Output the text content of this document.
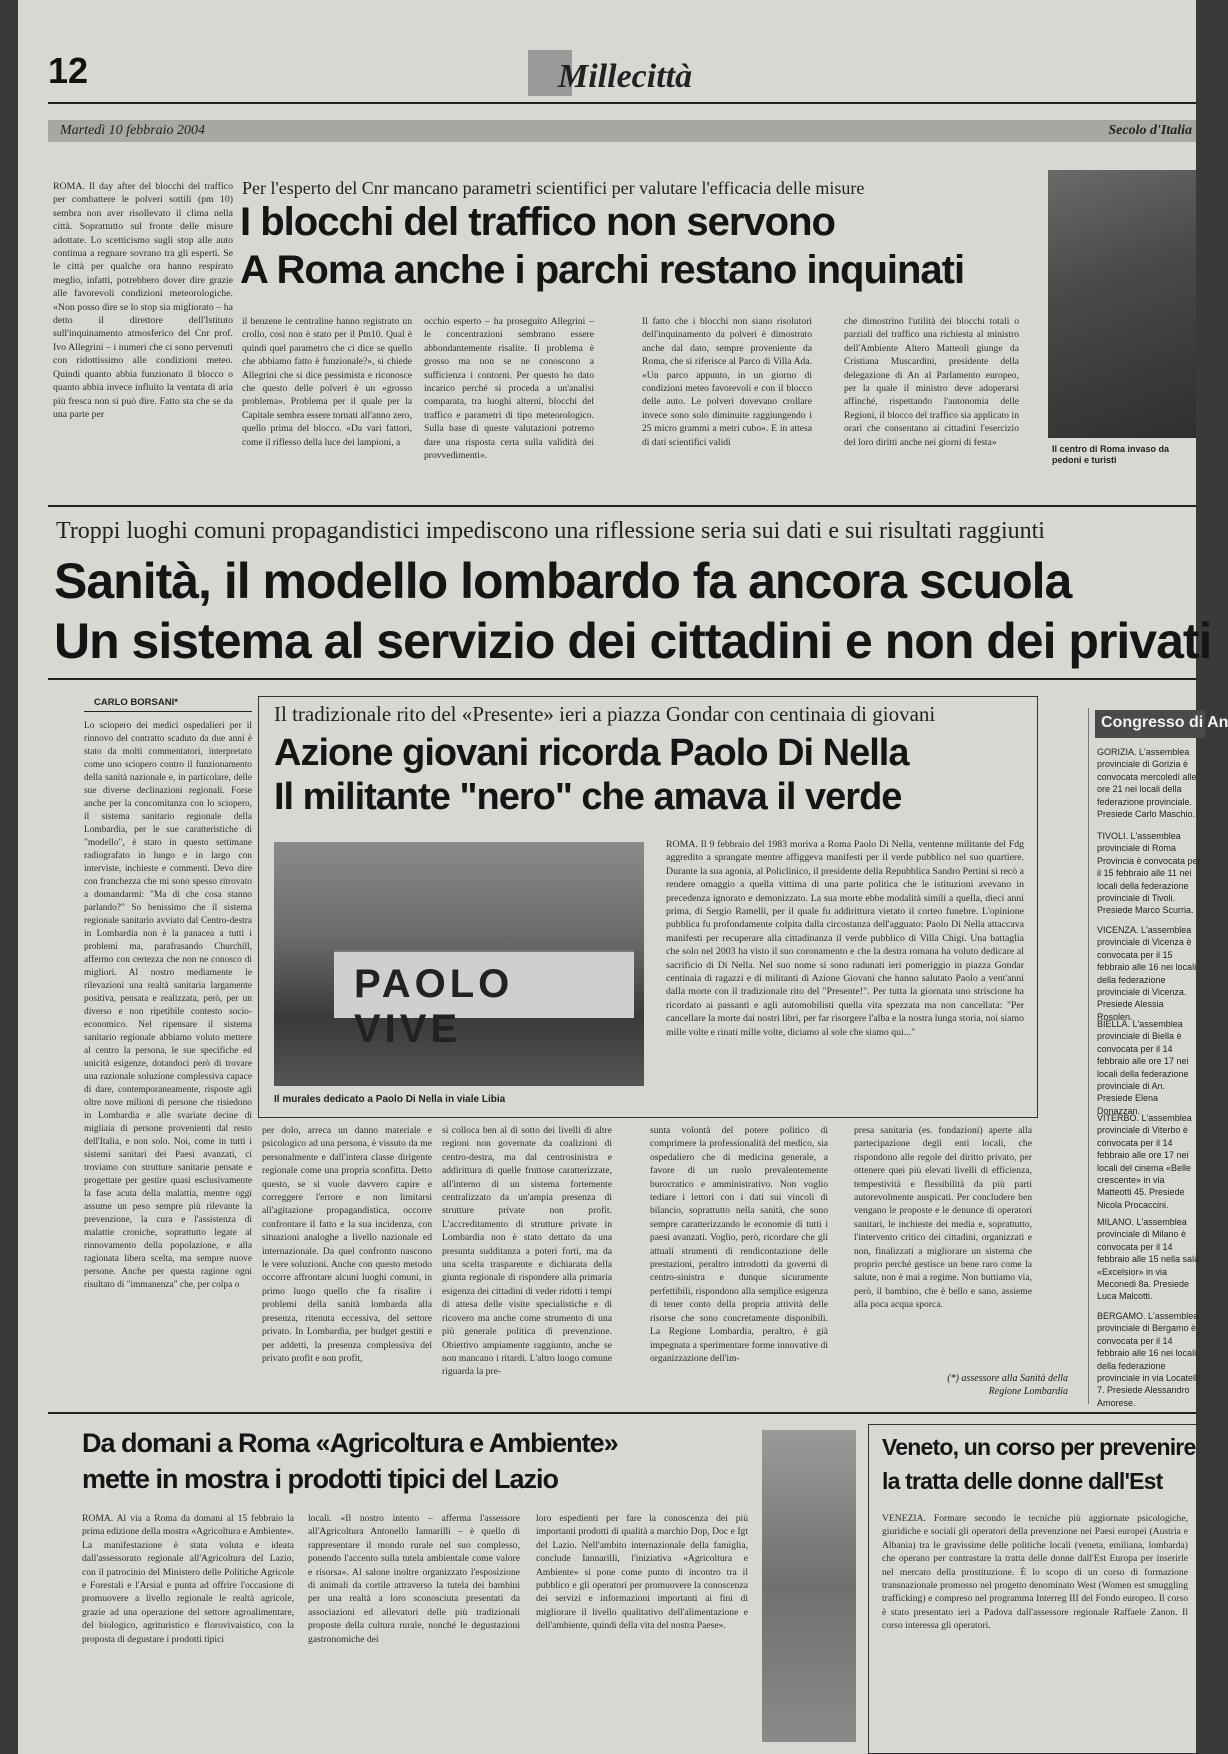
12	Millecittà
Martedì 10 febbraio 2004	Secolo d'Italia
ROMA. Il day after del blocchi del traffico per combattere le polveri sottili (pm 10) sembra non aver risollevato il clima nella città. Soprattutto sul fronte delle misure adottate. Lo scetticismo sugli stop alle auto continua a regnare sovrano tra gli esperti. Se le città per qualche ora hanno respirato meglio, infatti, potrebbero dover dire grazie alle favorevoli condizioni meteorologiche. «Non posso dire se lo stop sia migliorato – ha detto il direttore dell'Istituto sull'inquinamento atmosferico del Cnr prof. Ivo Allegrini – i numeri che ci sono pervenuti con ridottissimo alle condizioni meteo. Quindi quanto abbia funzionato il blocco o quanto abbia invece influito la ventata di aria più fresca non si può dire. Fatto sta che se da una parte per
Per l'esperto del Cnr mancano parametri scientifici per valutare l'efficacia delle misure
I blocchi del traffico non servono
A Roma anche i parchi restano inquinati
il benzene le centraline hanno registrato un crollo, così non è stato per il Pm10. Qual è quindi quel parametro che ci dice se quello che abbiamo fatto è funzionale?», si chiede Allegrini che si dice pessimista e riconosce che questo delle polveri è un «grosso problema». Problema per il quale per la Capitale sembra essere tornati all'anno zero, quello prima del blocco. «Da vari fattori, come il riflesso della luce dei lampioni, a
occhio esperto – ha proseguito Allegrini – le concentrazioni sembrano essere abbondantemente risalite. Il problema è grosso ma non se ne conoscono a sufficienza i contorni. Per questo ho dato incarico perché si proceda a un'analisi comparata, tra luoghi alterni, blocchi del traffico e parametri di tipo meteorologico. Sulla base di queste valutazioni potremo dare una risposta certa sulla validità dei provvedimenti».
Il fatto che i blocchi non siano risolutori dell'inquinamento da polveri è dimostrato anche dal dato, sempre proveniente da Roma, che si riferisce al Parco di Villa Ada. «Un parco appunto, in un giorno di condizioni meteo favorevoli e con il blocco delle auto. Le polveri dovevano crollare invece sono solo diminuite raggiungendo i 25 micro grammi a metri cubo». E in attesa di dati scientifici validi
che dimostrino l'utilità dei blocchi totali o parziali del traffico una richiesta al ministro dell'Ambiente Altero Matteoli giunge da Cristiana Muscardini, presidente della delegazione di An al Parlamento europeo, per la quale il ministro deve adoperarsi affinché, rispettando l'autonomia delle Regioni, il blocco del traffico sia applicato in orari che consentano ai cittadini l'esercizio del loro diritti anche nei giorni di festa»
Il centro di Roma invaso da pedoni e turisti
Troppi luoghi comuni propagandistici impediscono una riflessione seria sui dati e sui risultati raggiunti
Sanità, il modello lombardo fa ancora scuola
Un sistema al servizio dei cittadini e non dei privati
CARLO BORSANI*
Lo sciopero dei medici ospedalieri per il rinnovo del contratto scaduto da due anni è stato da molti commentatori, interpretato come uno sciopero contro il funzionamento della sanità nazionale e, in particolare, delle sue diverse declinazioni regionali. Forse anche per la concomitanza con lo sciopero, il sistema sanitario regionale della Lombardia, per le sue caratteristiche di "modello", è stato in questo settimane radiografato in lungo e in largo con interviste, inchieste e commenti. Devo dire con franchezza che mi sono spesso ritrovato a domandarmi: "Ma di che cosa stanno parlando?" So benissimo che il sistema regionale sanitario avviato dal Centro-destra in Lombardia non è la panacea a tutti i problemi ma, parafrasando Churchill, affermo con certezza che non ne conosco di migliori. Al nostro mediamente le rilevazioni una realtà sanitaria largamente positiva, pensata e realizzata, però, per un diverso e non ripetibile contesto socio-economico. Nel ripensare il sistema sanitario regionale abbiamo voluto mettere al centro la persona, le sue specifiche ed unicità esigenze, dotandoci però di trovare una razionale soluzione complessiva capace di dare, contemporaneamente, risposte agli oltre nove milioni di persone che risiedono in Lombardia e alle svariate decine di migliaia di persone provenienti dal resto dell'Italia, e non solo. Noi, come in tutti i sistemi sanitari dei Paesi avanzati, ci troviamo con strutture sanitarie pensate e progettate per gestire quasi esclusivamente la fase acuta della malattia, mentre oggi assume un peso sempre più rilevante la prevenzione, la cura e l'assistenza di malattie croniche, soprattutto legate al rinnovamento della popolazione, e alla ragionata libera scelta, ma sempre nuove persone. Anche per questa ragione ogni risultato di "immanenza" che, per colpa o
per dolo, arreca un danno materiale e psicologico ad una persona, è vissuto da me personalmente e dall'intera classe dirigente regionale come una propria sconfitta. Detto questo, se si vuole davvero capire e correggere l'errore e non limitarsi all'agitazione propagandistica, occorre confrontare il fatto e la sua incidenza, con situazioni analoghe a livello nazionale ed internazionale. Da quel confronto nascono le vere soluzioni. Anche con questo metodo occorre affrontare alcuni luoghi comuni, in primo luogo quello che fa risalire i problemi della sanità lombarda alla presenza, ritenuta eccessiva, del settore privato. In Lombardia, per budget gestiti e per addetti, la presenza complessiva del privato profit e non profit,
si colloca ben al di sotto dei livelli di altre regioni non governate da coalizioni di centro-destra, ma dal centrosinistra e addirittura di quelle fruttose caratterizzate, all'interno di un sistema fortemente centralizzato da un'ampia presenza di strutture private non profit. L'accreditamento di strutture private in Lombardia non è stato dettato da una presunta sudditanza a poteri forti, ma da una scelta trasparente e dichiarata della giunta regionale di rispondere alla primaria esigenza dei cittadini di veder ridotti i tempi di attesa delle visite specialistiche e di ricovero ma anche come strumento di una più generale politica di prevenzione. Obiettivo ampiamente raggiunto, anche se non mancano i ritardi. L'altro luogo comune riguarda la pre-
sunta volontà del potere politico di comprimere la professionalità del medico, sia ospedaliero che di medicina generale, a favore di un ruolo prevalentemente burocratico e amministrativo. Non voglio tediare i lettori con i dati sui vincoli di bilancio, soprattutto nella sanità, che sono sempre caratterizzando le economie di tutti i paesi avanzati. Voglio, però, ricordare che gli attuali strumenti di rendicontazione delle prestazioni, peraltro introdotti da governi di centro-sinistra e dunque sicuramente perfettibili, rispondono alla semplice esigenza di tener conto della propria attività delle risorse che sono concretamente disponibili. La Regione Lombardia, peraltro, è già impegnata a sperimentare forme innovative di organizzazione dell'im-
presa sanitaria (es. fondazioni) aperte alla partecipazione degli enti locali, che rispondono alle regole del diritto privato, per ottenere quei più elevati livelli di efficienza, tempestività e flessibilità da più parti autorevolmente auspicati. Per concludere ben vengano le proposte e le denunce di operatori sanitari, le inchieste dei media e, soprattutto, l'intervento critico dei cittadini, organizzati e non, finalizzati a migliorare un sistema che proprio perché gestisce un bene raro come la salute, non è mai a regime. Non buttiamo via, però, il bambino, che è bello e sano, assieme alla poca acqua sporca.
(*) assessore alla Sanità della Regione Lombardia
Il tradizionale rito del «Presente» ieri a piazza Gondar con centinaia di giovani
Azione giovani ricorda Paolo Di Nella
Il militante "nero" che amava il verde
PAOLO VIVE
Il murales dedicato a Paolo Di Nella in viale Libia
ROMA. Il 9 febbraio del 1983 moriva a Roma Paolo Di Nella, ventenne militante del Fdg aggredito a sprangate mentre affiggeva manifesti per il verde pubblico nel suo quartiere. Durante la sua agonia, al Policlinico, il presidente della Repubblica Sandro Pertini si recò a rendere omaggio a quella vittima di una parte politica che le istituzioni avevano in precedenza ignorato e demonizzato. La sua morte ebbe modalità simili a quella, dieci anni prima, di Sergio Ramelli, per il quale fu addirittura vietato il corteo funebre. L'opinione pubblica fu profondamente colpita dalla circostanza dell'agguato: Paolo Di Nella attaccava manifesti per recuperare alla cittadinanza il verde pubblico di Villa Chigi. Una battaglia che solo nel 2003 ha visto il suo coronamento e che la destra romana ha voluto dedicare al sacrificio di Di Nella. Nel suo nome si sono radunati ieri pomeriggio in piazza Gondar centinaia di ragazzi e di militanti di Azione Giovani che hanno salutato Paolo a vent'anni dalla morte con il tradizionale rito del "Presente!". Per tutta la giornata uno striscione ha ricordato ai passanti e agli automobilisti quella vita spezzata ma non cancellata: "Per cancellare la morte dai nostri libri, per far risorgere l'alba e la nostra lunga storia, noi siamo mille volte e rinati mille volte, diciamo al sole che siamo qui..."
Congresso di An
GORIZIA. L'assemblea provinciale di Gorizia è convocata mercoledì alle ore 21 nei locali della federazione provinciale. Presiede Carlo Maschio.
TIVOLI. L'assemblea provinciale di Roma Provincia è convocata per il 15 febbraio alle 11 nei locali della federazione provinciale di Tivoli. Presiede Marco Scurria.
VICENZA. L'assemblea provinciale di Vicenza è convocata per il 15 febbraio alle 16 nei locali della federazione provinciale di Vicenza. Presiede Alessia Rosolen.
BIELLA. L'assemblea provinciale di Biella è convocata per il 14 febbraio alle ore 17 nei locali della federazione provinciale di An. Presiede Elena Donazzan.
VITERBO. L'assemblea provinciale di Viterbo è convocata per il 14 febbraio alle ore 17 nei locali del cinema «Belle crescente» in via Matteotti 45. Presiede Nicola Procaccini.
MILANO. L'assemblea provinciale di Milano è convocata per il 14 febbraio alle 15 nella sala «Excelsior» in via Meconedi 8a. Presiede Luca Malcotti.
BERGAMO. L'assemblea provinciale di Bergamo è convocata per il 14 febbraio alle 16 nei locali della federazione provinciale in via Locatelli 7. Presiede Alessandro Amorese.
Da domani a Roma «Agricoltura e Ambiente»
mette in mostra i prodotti tipici del Lazio
ROMA. Al via a Roma da domani al 15 febbraio la prima edizione della mostra «Agricoltura e Ambiente». La manifestazione è stata voluta e ideata dall'assessorato regionale all'Agricoltura del Lazio, con il patrocinio del Ministero delle Politiche Agricole e Forestali e l'Arsial e punta ad offrire l'occasione di promuovere a livello regionale le realtà agricole, grazie ad una operazione del settore agroalimentare, del biologico, agrituristico e florovivaistico, con la proposta di degustare i prodotti tipici
locali. «Il nostro intento – afferma l'assessore all'Agricoltura Antonello Iannarilli – è quello di rappresentare il mondo rurale nel suo complesso, ponendo l'accento sulla tutela ambientale come valore e risorsa». Al salone inoltre organizzato l'esposizione di animali da cortile attraverso la tutela dei bambini per una realtà a loro sconosciuta presentati da associazioni ed allevatori delle più tradizionali proposte della cultura rurale, nonché le degustazioni gastronomiche dei
loro espedienti per fare la conoscenza dei più importanti prodotti di qualità a marchio Dop, Doc e Igt del Lazio. Nell'ambito internazionale della famiglia, conclude Iannarilli, l'iniziativa «Agricoltura e Ambiente» si pone come punto di incontro tra il pubblico e gli operatori per promuovere la conoscenza dei servizi e informazioni importanti ai fini di migliorare il livello qualitativo dell'alimentazione e dell'ambiente, quindi della vita del nostra Paese».
Veneto, un corso per prevenire
la tratta delle donne dall'Est
VENEZIA. Formare secondo le tecniche più aggiornate psicologiche, giuridiche e sociali gli operatori della prevenzione nei Paesi europei (Austria e Albania) tra le gravissime delle politiche locali (veneta, emiliana, lombarda) che operano per contrastare la tratta delle donne dall'Est Europa per inserirle nel mercato della prostituzione. È lo scopo di un corso di formazione transnazionale promosso nel progetto denominato West (Women est smuggling trafficking) e compreso nel programma Interreg III del Fondo europeo. Il corso è stato presentato ieri a Padova dall'assessore regionale Raffaele Zanon. Il corso interessa gli operatori.
